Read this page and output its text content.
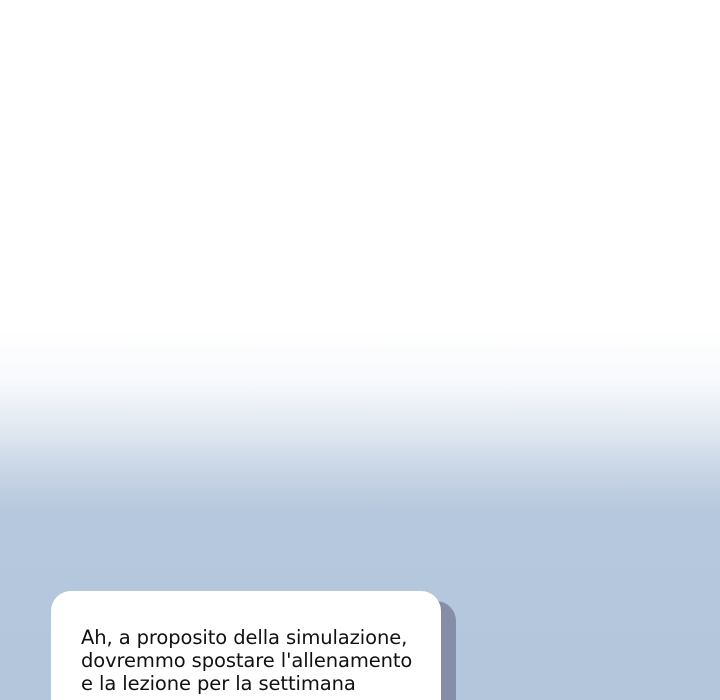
Ah, a proposito della simulazione,
dovremmo spostare l'allenamento
e la lezione per la settimana
